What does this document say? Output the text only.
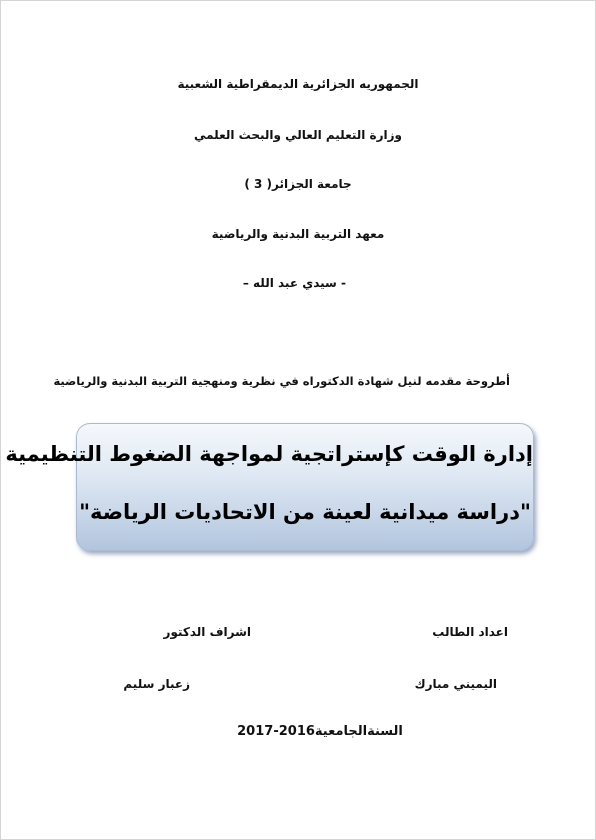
الجمهوريه الجزائرية الديمقراطية الشعبية
وزارة التعليم العالي والبحث العلمي
جامعة الجزائر( 3 )
معهد التربية البدنية والرياضية
- سيدي عبد الله –
أطروحة مقدمه لنيل شهادة الدكتوراه في نظرية ومنهجية التربية البدنية والرياضية
إدارة الوقت كإستراتجية لمواجهة الضغوط التنظيمية
"دراسة ميدانية لعينة من الاتحاديات الرياضة"
اعداد الطالب
اشراف الدكتور
اليميني مبارك
زعبار سليم
السنةالجامعية2016-2017
